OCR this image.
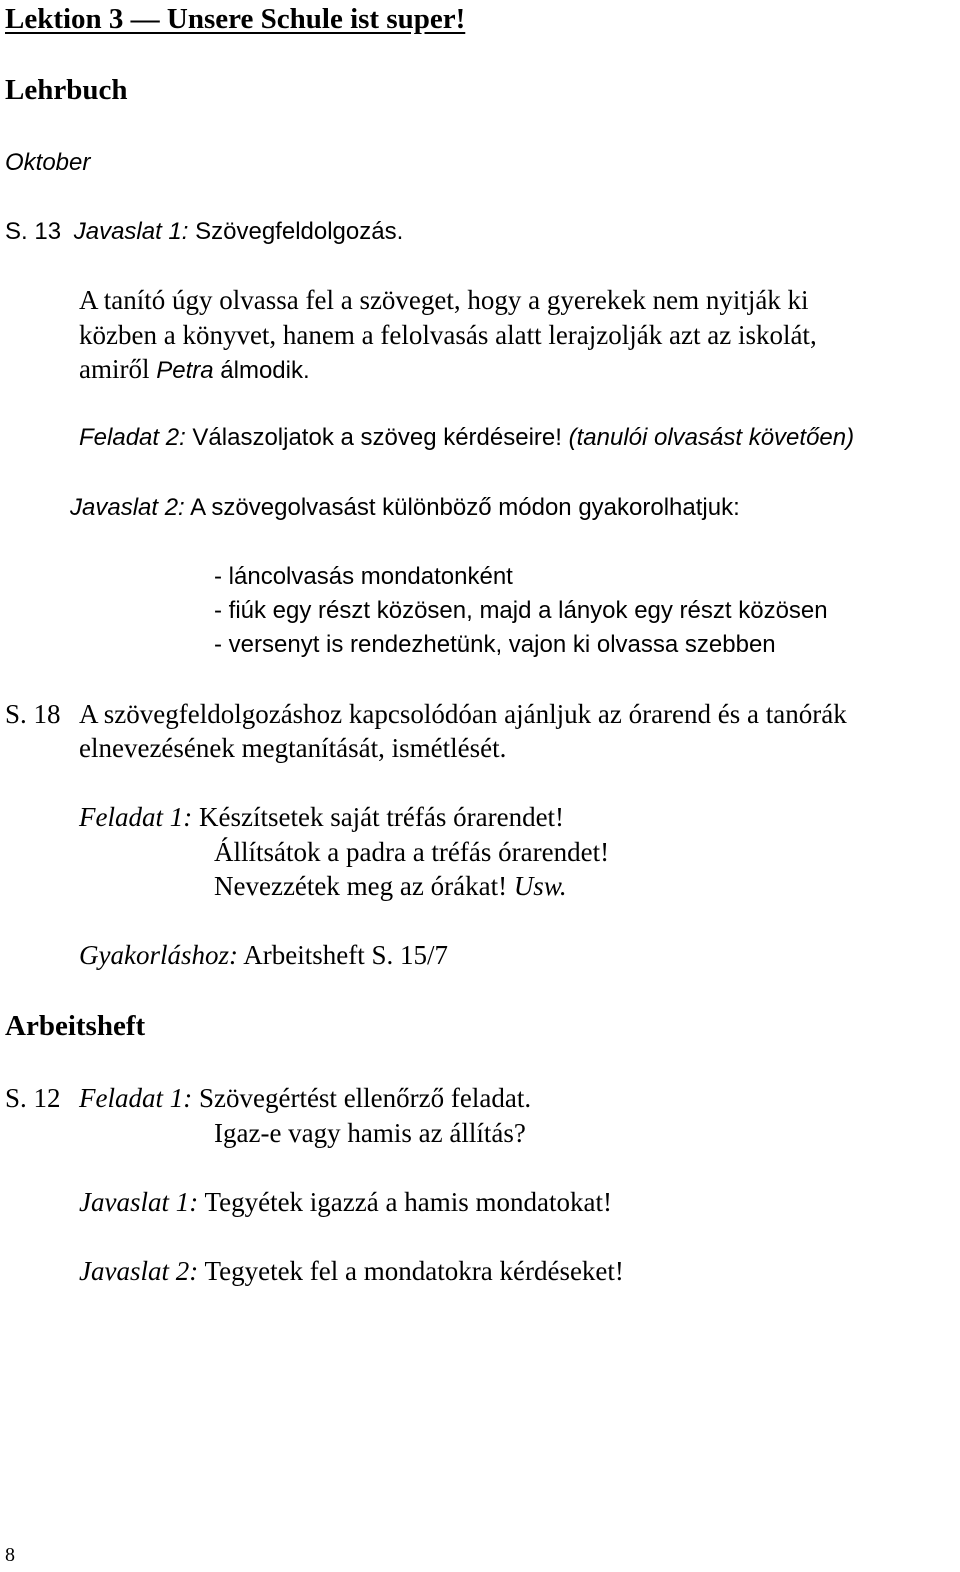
Lektion 3 — Unsere Schule ist super!
Lehrbuch
Oktober
S. 13 Javaslat 1: Szövegfeldolgozás.
A tanító úgy olvassa fel a szöveget, hogy a gyerekek nem nyitják ki
közben a könyvet, hanem a felolvasás alatt lerajzolják azt az iskolát,
amiről Petra álmodik.
Feladat 2: Válaszoljatok a szöveg kérdéseire! (tanulói olvasást követően)
Javaslat 2: A szövegolvasást különböző módon gyakorolhatjuk:
- láncolvasás mondatonként
- fiúk egy részt közösen, majd a lányok egy részt közösen
- versenyt is rendezhetünk, vajon ki olvassa szebben
S. 18 A szövegfeldolgozáshoz kapcsolódóan ajánljuk az órarend és a tanórák
elnevezésének megtanítását, ismétlését.
Feladat 1: Készítsetek saját tréfás órarendet!
Állítsátok a padra a tréfás órarendet!
Nevezzétek meg az órákat! Usw.
Gyakorláshoz: Arbeitsheft S. 15/7
Arbeitsheft
S. 12 Feladat 1: Szövegértést ellenőrző feladat.
Igaz-e vagy hamis az állítás?
Javaslat 1: Tegyétek igazzá a hamis mondatokat!
Javaslat 2: Tegyetek fel a mondatokra kérdéseket!
8
